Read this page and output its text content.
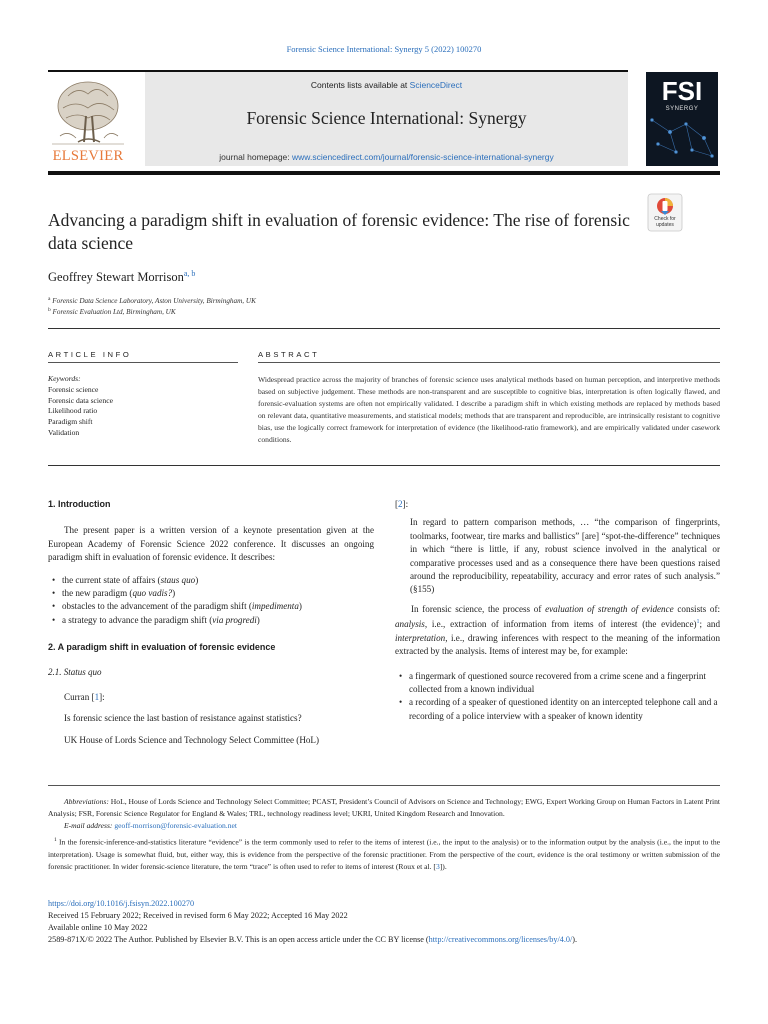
Forensic Science International: Synergy 5 (2022) 100270
ELSEVIER
Contents lists available at ScienceDirect
Forensic Science International: Synergy
journal homepage: www.sciencedirect.com/journal/forensic-science-international-synergy
FSI
SYNERGY
Advancing a paradigm shift in evaluation of forensic evidence: The rise of forensic data science
Check for
updates
Geoffrey Stewart Morrison$^{a, b}$
$^a$ Forensic Data Science Laboratory, Aston University, Birmingham, UK
$^b$ Forensic Evaluation Ltd, Birmingham, UK
ARTICLE INFO	ABSTRACT
Keywords:
Forensic science
Forensic data science
Likelihood ratio
Paradigm shift
Validation
Widespread practice across the majority of branches of forensic science uses analytical methods based on human perception, and interpretive methods based on subjective judgement. These methods are non-transparent and are susceptible to cognitive bias, interpretation is often logically flawed, and forensic-evaluation systems are often not empirically validated. I describe a paradigm shift in which existing methods are replaced by methods based on relevant data, quantitative measurements, and statistical models; methods that are transparent and reproducible, are intrinsically resistant to cognitive bias, use the logically correct framework for interpretation of evidence (the likelihood-ratio framework), and are empirically validated under casework conditions.
1. Introduction
The present paper is a written version of a keynote presentation given at the European Academy of Forensic Science 2022 conference. It discusses an ongoing paradigm shift in evaluation of forensic evidence. It describes:
• the current state of affairs (staus quo)
• the new paradigm (quo vadis?)
• obstacles to the advancement of the paradigm shift (impedimenta)
• a strategy to advance the paradigm shift (via progredi)
2. A paradigm shift in evaluation of forensic evidence
2.1. Status quo
Curran [1]:
Is forensic science the last bastion of resistance against statistics?
UK House of Lords Science and Technology Select Committee (HoL)
[2]:
In regard to pattern comparison methods, … “the comparison of fingerprints, toolmarks, footwear, tire marks and ballistics” [are] “spot-the-difference” techniques in which “there is little, if any, robust science involved in the analytical or comparative processes used and as a consequence there have been questions raised around the reproducibility, repeatability, accuracy and error rates of such analysis.” (§155)
In forensic science, the process of evaluation of strength of evidence consists of: analysis, i.e., extraction of information from items of interest (the evidence)$^1$; and interpretation, i.e., drawing inferences with respect to the meaning of the information extracted by the analysis. Items of interest may be, for example:
• a fingermark of questioned source recovered from a crime scene and a fingerprint collected from a known individual
• a recording of a speaker of questioned identity on an intercepted telephone call and a recording of a police interview with a speaker of known identity
Abbreviations: HoL, House of Lords Science and Technology Select Committee; PCAST, President’s Council of Advisors on Science and Technology; EWG, Expert Working Group on Human Factors in Latent Print Analysis; FSR, Forensic Science Regulator for England & Wales; TRL, technology readiness level; UKRI, United Kingdom Research and Innovation.
E-mail address: geoff-morrison@forensic-evaluation.net
$^1$ In the forensic-inference-and-statistics literature “evidence” is the term commonly used to refer to the items of interest (i.e., the input to the analysis) or to the information output by the analysis (i.e., the input to the interpretation). Usage is somewhat fluid, but, either way, this is evidence from the perspective of the forensic practitioner. From the perspective of the court, evidence is the oral testimony or written submission of the forensic practitioner. In wider forensic-science literature, the term “trace” is often used to refer to items of interest (Roux et al. [3]).
https://doi.org/10.1016/j.fsisyn.2022.100270
Received 15 February 2022; Received in revised form 6 May 2022; Accepted 16 May 2022
Available online 10 May 2022
2589-871X/© 2022 The Author. Published by Elsevier B.V. This is an open access article under the CC BY license (http://creativecommons.org/licenses/by/4.0/).
